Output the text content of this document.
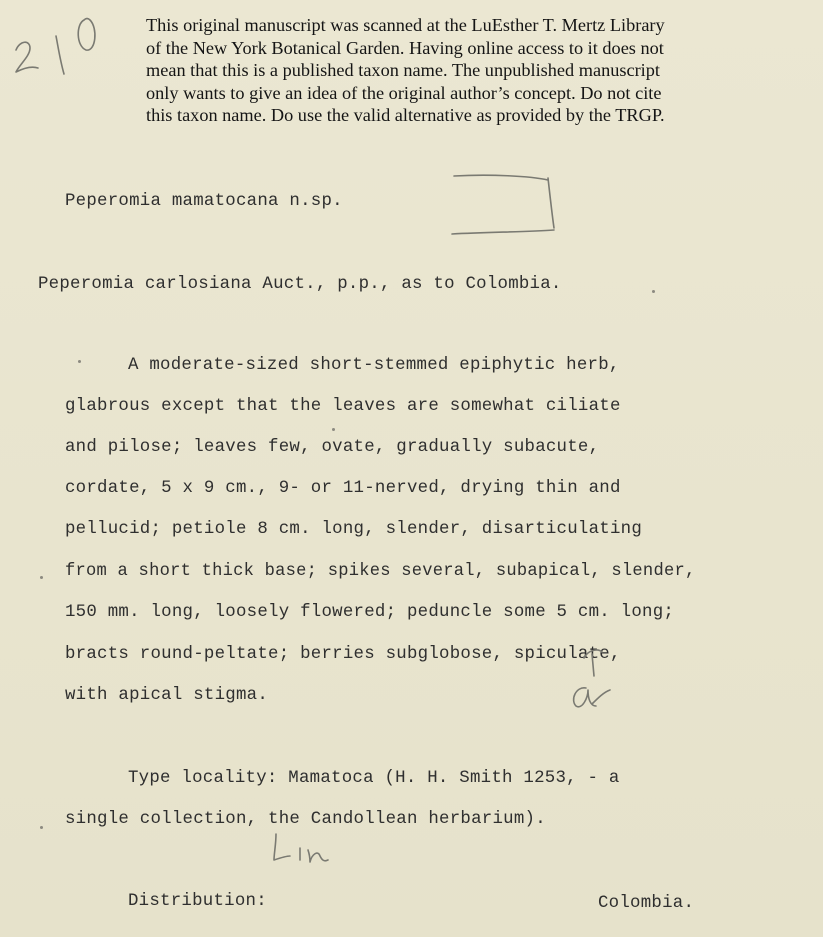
This original manuscript was scanned at the LuEsther T. Mertz Library
of the New York Botanical Garden. Having online access to it does not
mean that this is a published taxon name. The unpublished manuscript
only wants to give an idea of the original author’s concept. Do not cite
this taxon name. Do use the valid alternative as provided by the TRGP.
Peperomia mamatocana n.sp.
Peperomia carlosiana Auct., p.p., as to Colombia.
A moderate-sized short-stemmed epiphytic herb,
glabrous except that the leaves are somewhat ciliate
and pilose; leaves few, ovate, gradually subacute,
cordate, 5 x 9 cm., 9- or 11-nerved, drying thin and
pellucid; petiole 8 cm. long, slender, disarticulating
from a short thick base; spikes several, subapical, slender,
150 mm. long, loosely flowered; peduncle some 5 cm. long;
bracts round-peltate; berries subglobose, spiculate,
with apical stigma.
Type locality: Mamatoca (H. H. Smith 1253, - a
single collection, the Candollean herbarium).
Distribution:	Colombia.
